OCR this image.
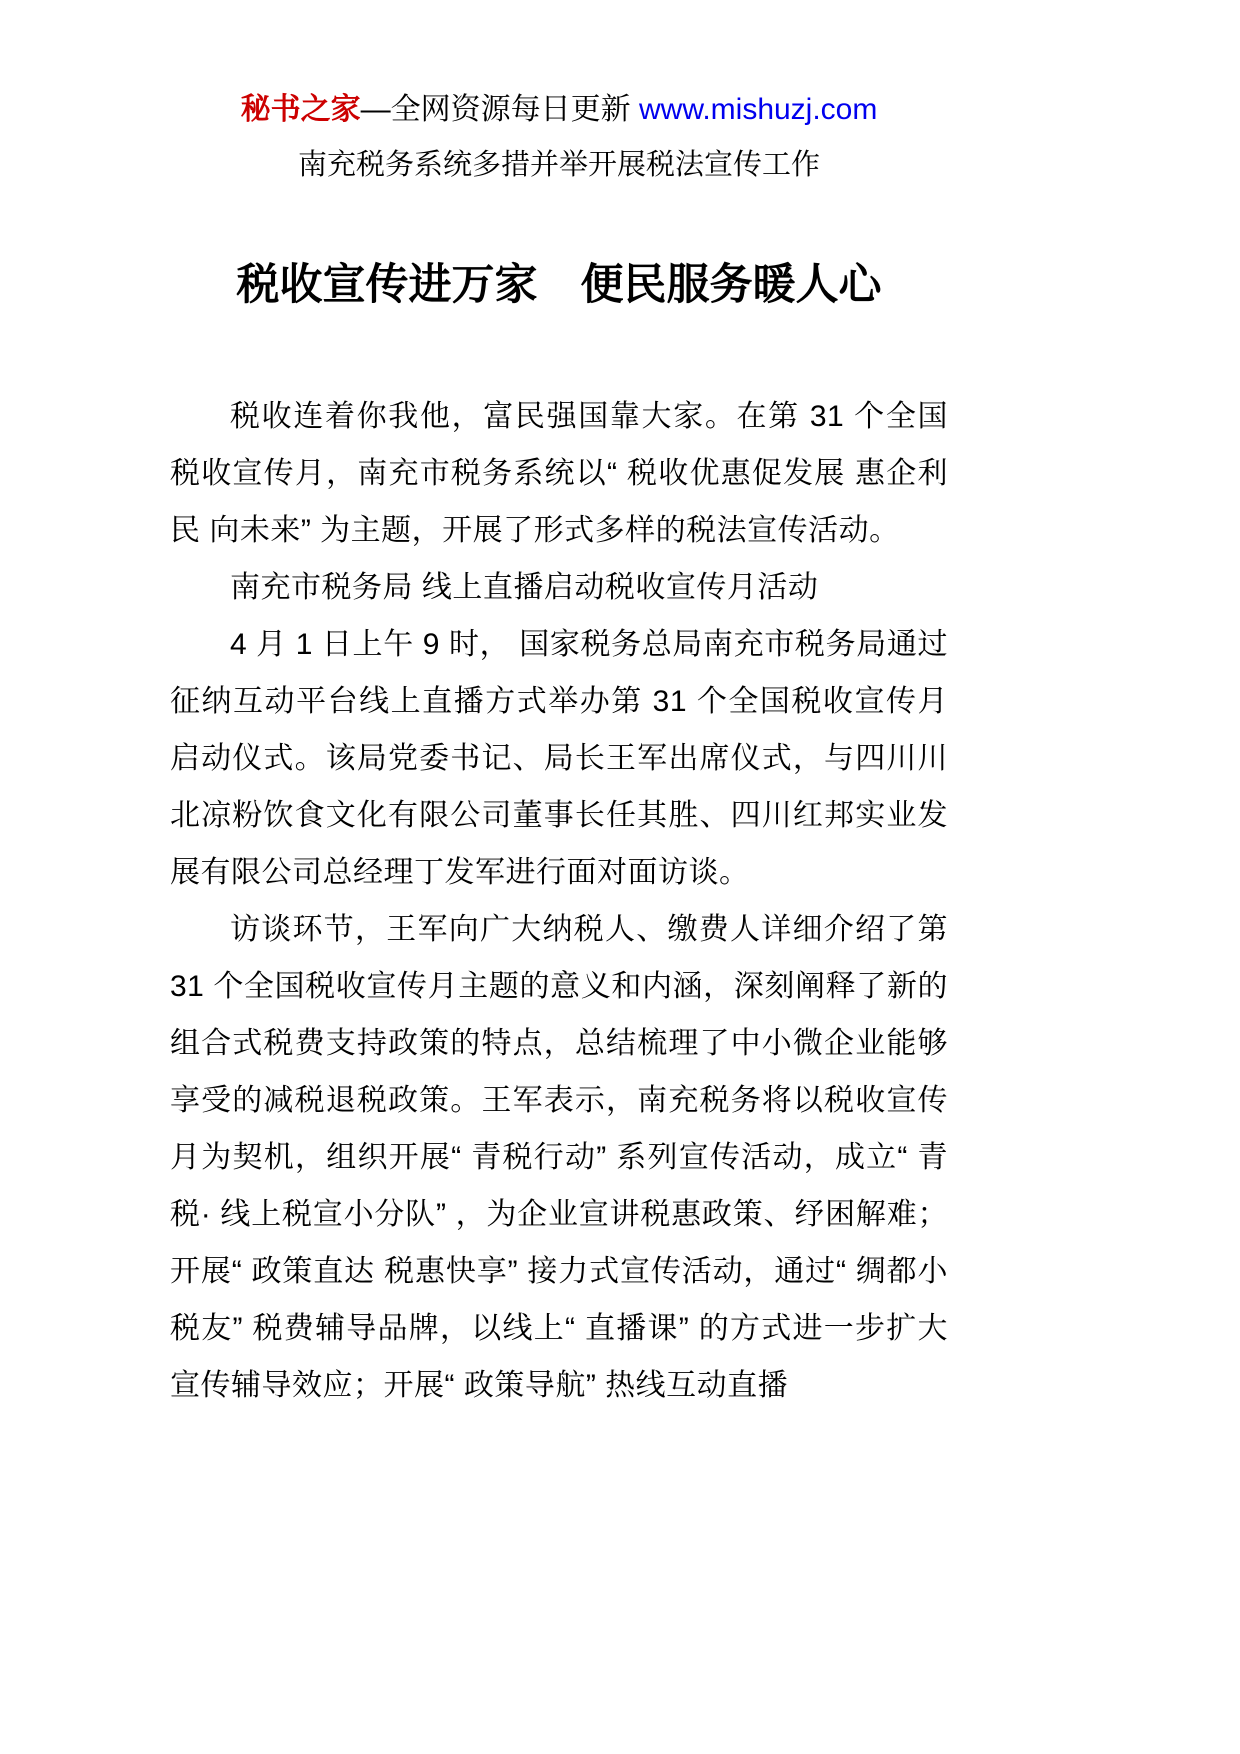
秘书之家—全网资源每日更新 www.mishuzj.com
南充税务系统多措并举开展税法宣传工作
税收宣传进万家　便民服务暖人心

税收连着你我他，富民强国靠大家。在第 31 个全国税收宣传月，南充市税务系统以“ 税收优惠促发展 惠企利民 向未来” 为主题，开展了形式多样的税法宣传活动。

南充市税务局 线上直播启动税收宣传月活动

4 月 1 日上午 9 时， 国家税务总局南充市税务局通过征纳互动平台线上直播方式举办第 31 个全国税收宣传月启动仪式。该局党委书记、局长王军出席仪式，与四川川北凉粉饮食文化有限公司董事长任其胜、四川红邦实业发展有限公司总经理丁发军进行面对面访谈。

访谈环节，王军向广大纳税人、缴费人详细介绍了第 31 个全国税收宣传月主题的意义和内涵，深刻阐释了新的组合式税费支持政策的特点，总结梳理了中小微企业能够享受的减税退税政策。王军表示，南充税务将以税收宣传月为契机，组织开展“ 青税行动” 系列宣传活动，成立“ 青税· 线上税宣小分队” ，为企业宣讲税惠政策、纾困解难；开展“ 政策直达 税惠快享” 接力式宣传活动，通过“ 绸都小税友” 税费辅导品牌，以线上“ 直播课” 的方式进一步扩大宣传辅导效应；开展“ 政策导航” 热线互动直播
